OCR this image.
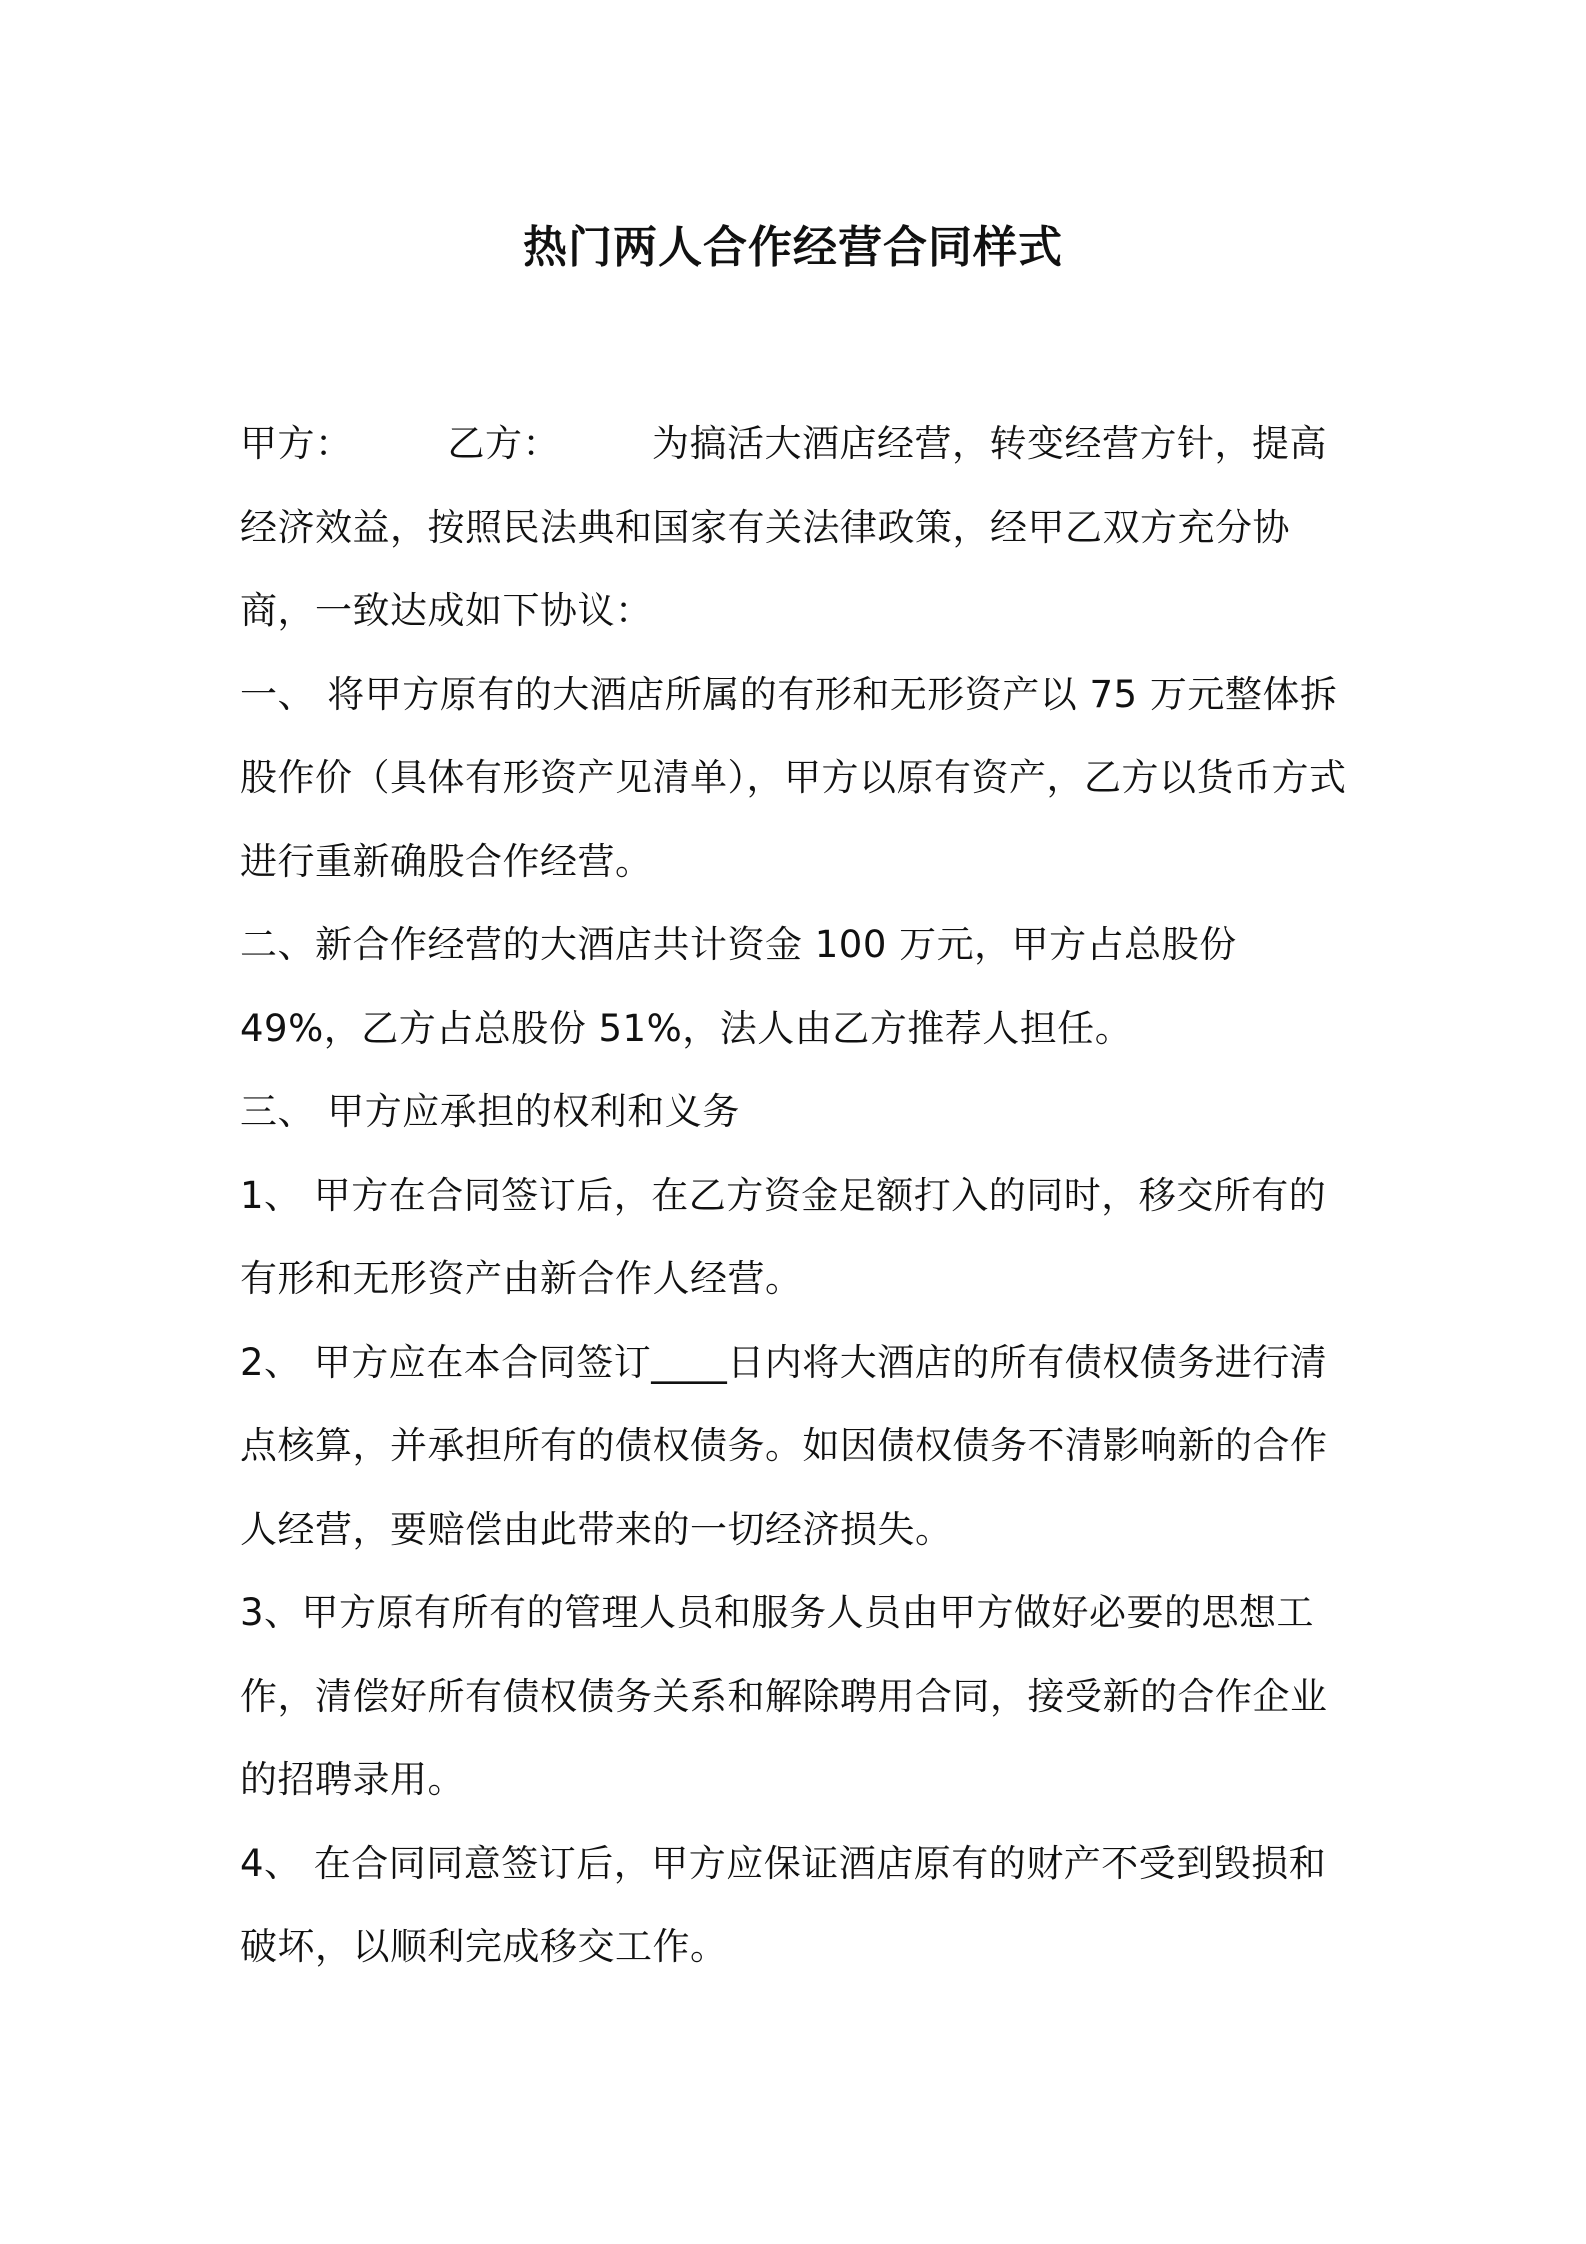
热门两人合作经营合同样式

甲方：	乙方： 为搞活大酒店经营，转变经营方针，提高经济效益，按照民法典和国家有关法律政策，经甲乙双方充分协商，一致达成如下协议：

一、 将甲方原有的大酒店所属的有形和无形资产以 75 万元整体拆股作价（具体有形资产见清单），甲方以原有资产，乙方以货币方式进行重新确股合作经营。

二、新合作经营的大酒店共计资金 100 万元，甲方占总股份 49%，乙方占总股份 51%，法人由乙方推荐人担任。

三、 甲方应承担的权利和义务

1、 甲方在合同签订后，在乙方资金足额打入的同时，移交所有的有形和无形资产由新合作人经营。

2、 甲方应在本合同签订____日内将大酒店的所有债权债务进行清点核算，并承担所有的债权债务。如因债权债务不清影响新的合作人经营，要赔偿由此带来的一切经济损失。

3、甲方原有所有的管理人员和服务人员由甲方做好必要的思想工作，清偿好所有债权债务关系和解除聘用合同，接受新的合作企业的招聘录用。

4、 在合同同意签订后，甲方应保证酒店原有的财产不受到毁损和破坏，以顺利完成移交工作。
